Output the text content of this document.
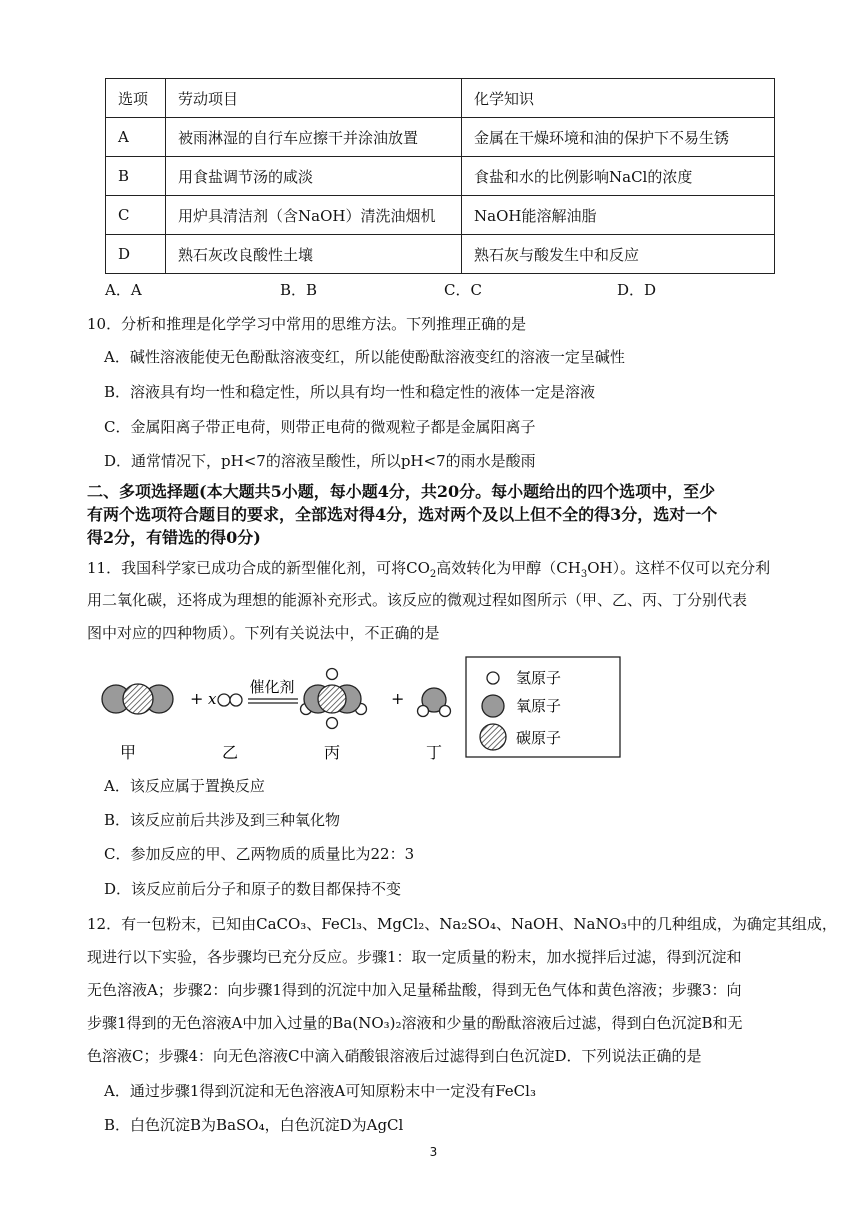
选项	劳动项目	化学知识
A	被雨淋湿的自行车应擦干并涂油放置	金属在干燥环境和油的保护下不易生锈
B	用食盐调节汤的咸淡	食盐和水的比例影响NaCl的浓度
C	用炉具清洁剂（含NaOH）清洗油烟机	NaOH能溶解油脂
D	熟石灰改良酸性土壤	熟石灰与酸发生中和反应
A．A	B．B	C．C	D．D
10．分析和推理是化学学习中常用的思维方法。下列推理正确的是
A．碱性溶液能使无色酚酞溶液变红，所以能使酚酞溶液变红的溶液一定呈碱性
B．溶液具有均一性和稳定性，所以具有均一性和稳定性的液体一定是溶液
C．金属阳离子带正电荷，则带正电荷的微观粒子都是金属阳离子
D．通常情况下，pH<7的溶液呈酸性，所以pH<7的雨水是酸雨
二、多项选择题(本大题共5小题，每小题4分，共20分。每小题给出的四个选项中，至少
有两个选项符合题目的要求，全部选对得4分，选对两个及以上但不全的得3分，选对一个
得2分，有错选的得0分)
11．我国科学家已成功合成的新型催化剂，可将$CO_2$高效转化为甲醇$(CH_3OH)$。这样不仅可以充分利
用二氧化碳，还将成为理想的能源补充形式。该反应的微观过程如图所示（甲、乙、丙、丁分别代表
图中对应的四种物质）。下列有关说法中，不正确的是
+ x
催化剂
+
甲	乙	丙	丁
氢原子
氧原子
碳原子
A．该反应属于置换反应
B．该反应前后共涉及到三种氧化物
C．参加反应的甲、乙两物质的质量比为22：3
D．该反应前后分子和原子的数目都保持不变
12．有一包粉末，已知由CaCO₃、FeCl₃、MgCl₂、Na₂SO₄、NaOH、NaNO₃中的几种组成，为确定其组成，
现进行以下实验，各步骤均已充分反应。步骤1：取一定质量的粉末，加水搅拌后过滤，得到沉淀和
无色溶液A；步骤2：向步骤1得到的沉淀中加入足量稀盐酸，得到无色气体和黄色溶液；步骤3：向
步骤1得到的无色溶液A中加入过量的Ba(NO₃)₂溶液和少量的酚酞溶液后过滤，得到白色沉淀B和无
色溶液C；步骤4：向无色溶液C中滴入硝酸银溶液后过滤得到白色沉淀D．下列说法正确的是
A．通过步骤1得到沉淀和无色溶液A可知原粉末中一定没有FeCl₃
B．白色沉淀B为BaSO₄，白色沉淀D为AgCl
3
